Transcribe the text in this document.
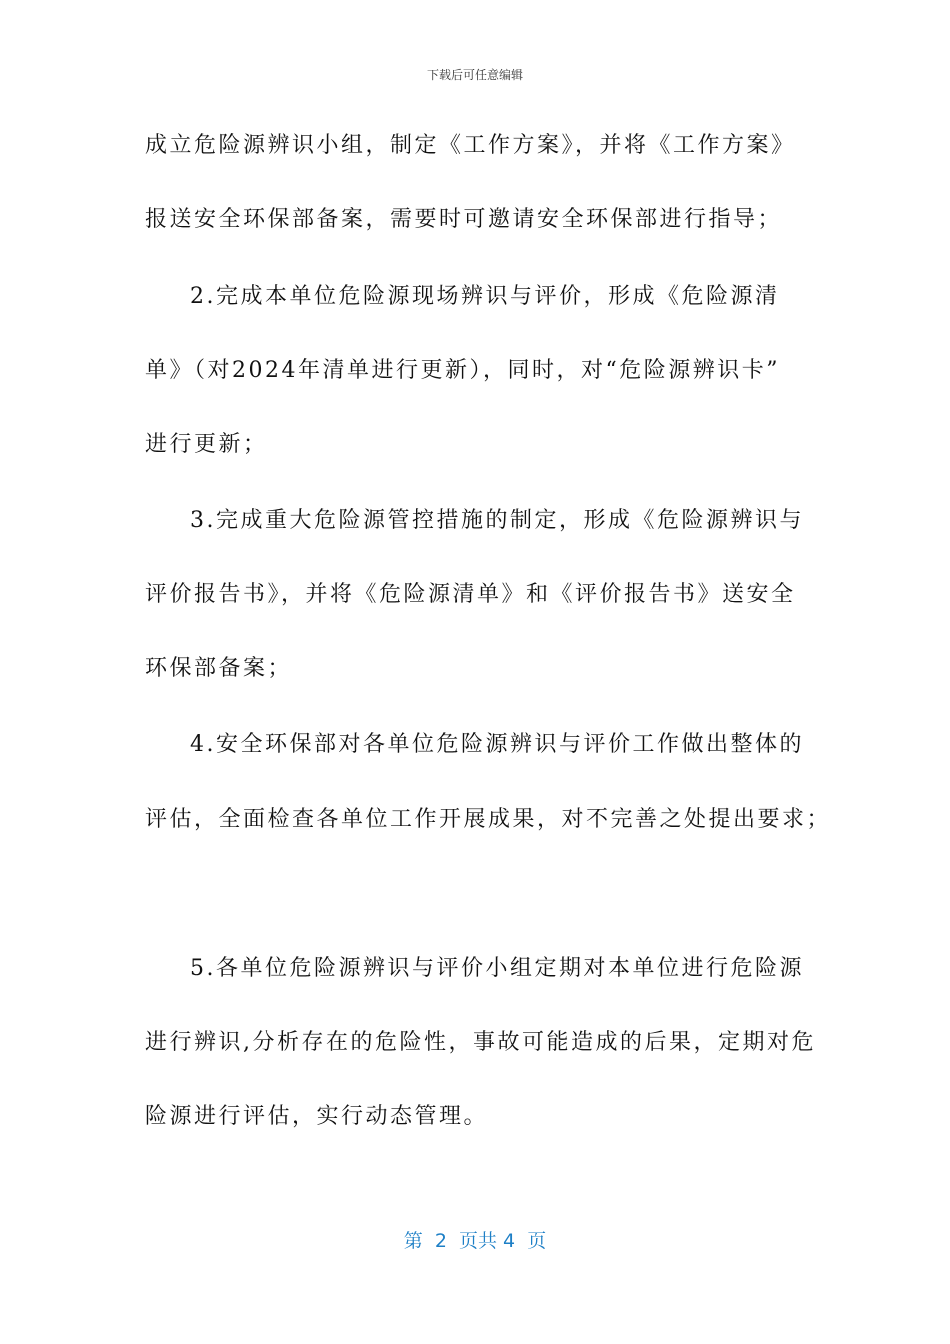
下载后可任意编辑
成立危险源辨识小组，制定《工作方案》，并将《工作方案》
报送安全环保部备案，需要时可邀请安全环保部进行指导；
2.完成本单位危险源现场辨识与评价，形成《危险源清
单》（对2024年清单进行更新），同时，对“危险源辨识卡”
进行更新；
3.完成重大危险源管控措施的制定，形成《危险源辨识与
评价报告书》，并将《危险源清单》和《评价报告书》送安全
环保部备案；
4.安全环保部对各单位危险源辨识与评价工作做出整体的
评估，全面检查各单位工作开展成果，对不完善之处提出要求；
5.各单位危险源辨识与评价小组定期对本单位进行危险源
进行辨识,分析存在的危险性，事故可能造成的后果，定期对危
险源进行评估，实行动态管理。
第  2  页共 4  页
